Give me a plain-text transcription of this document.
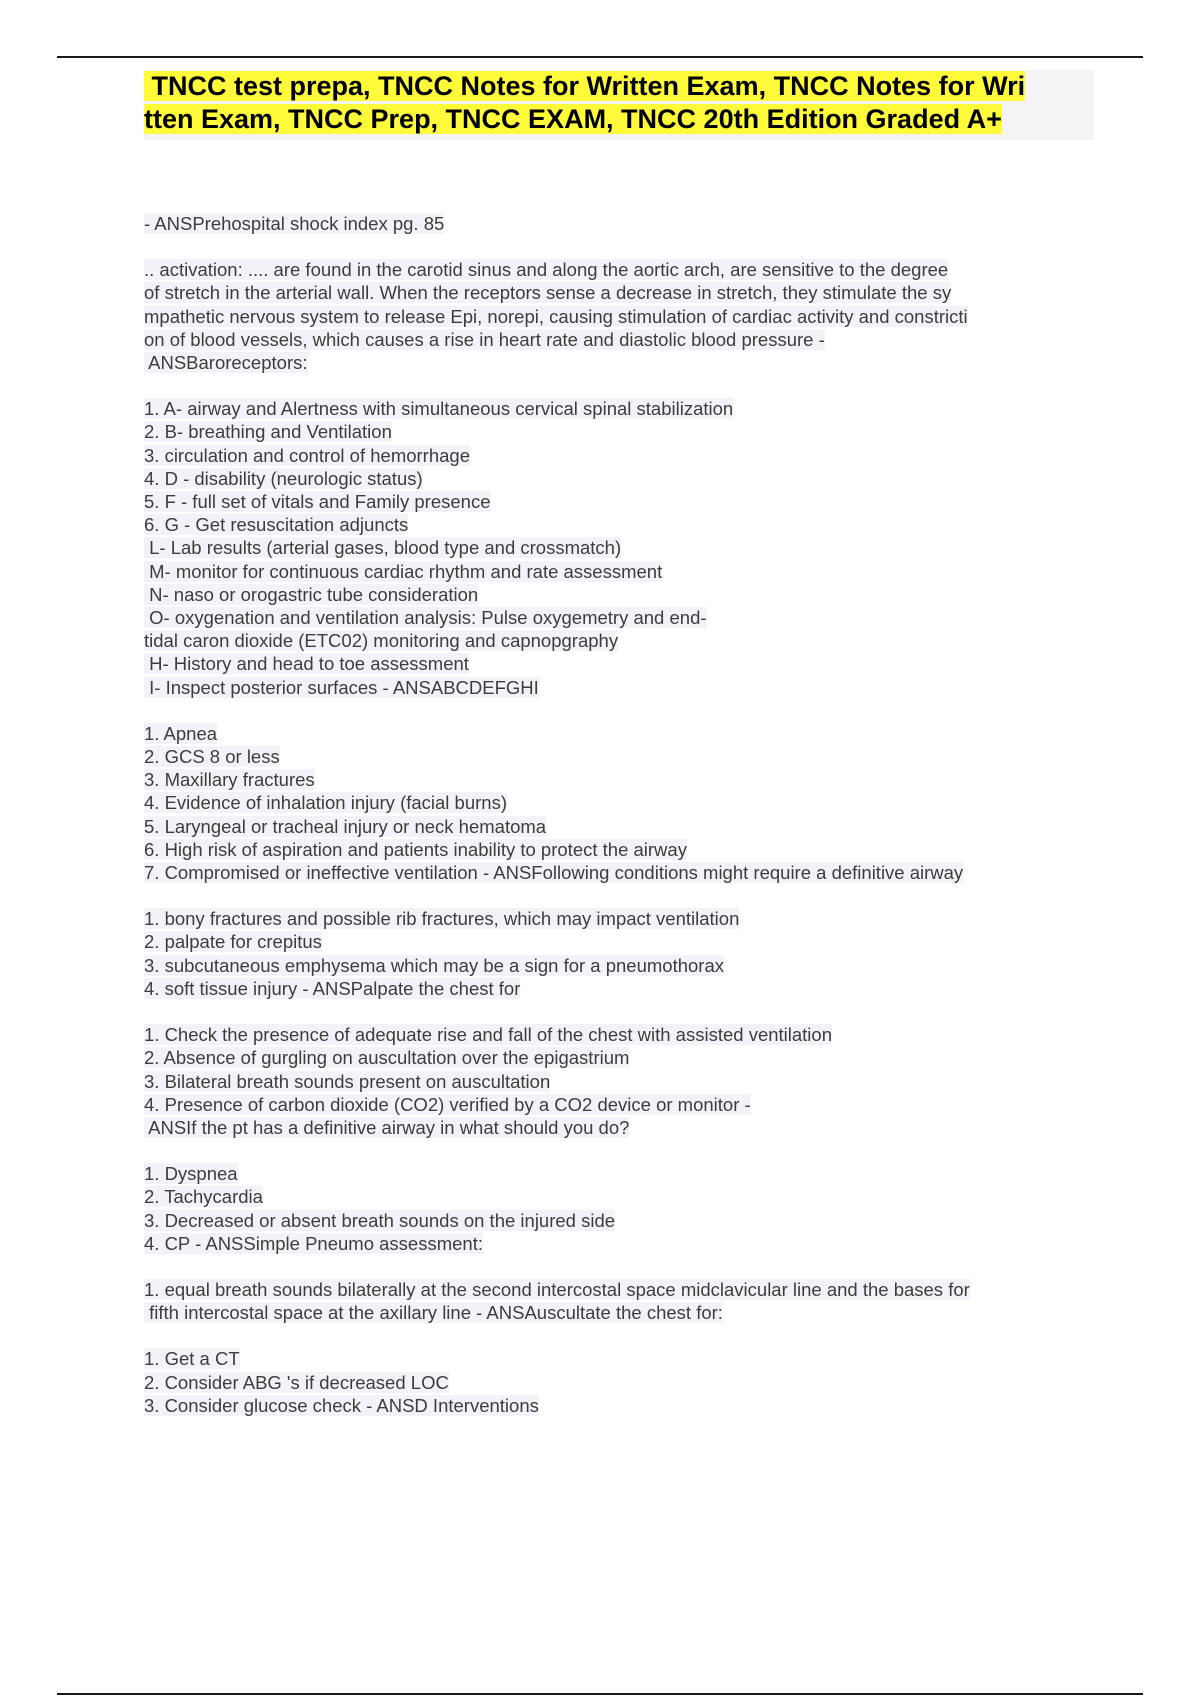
TNCC test prepa, TNCC Notes for Written Exam, TNCC Notes for Wri
tten Exam, TNCC Prep, TNCC EXAM, TNCC 20th Edition Graded A+
- ANSPrehospital shock index pg. 85
.. activation: .... are found in the carotid sinus and along the aortic arch, are sensitive to the degree
of stretch in the arterial wall. When the receptors sense a decrease in stretch, they stimulate the sy
mpathetic nervous system to release Epi, norepi, causing stimulation of cardiac activity and constricti
on of blood vessels, which causes a rise in heart rate and diastolic blood pressure -
ANSBaroreceptors:
1. A- airway and Alertness with simultaneous cervical spinal stabilization
2. B- breathing and Ventilation
3. circulation and control of hemorrhage
4. D - disability (neurologic status)
5. F - full set of vitals and Family presence
6. G - Get resuscitation adjuncts
L- Lab results (arterial gases, blood type and crossmatch)
M- monitor for continuous cardiac rhythm and rate assessment
N- naso or orogastric tube consideration
O- oxygenation and ventilation analysis: Pulse oxygemetry and end-
tidal caron dioxide (ETC02) monitoring and capnopgraphy
H- History and head to toe assessment
I- Inspect posterior surfaces - ANSABCDEFGHI
1. Apnea
2. GCS 8 or less
3. Maxillary fractures
4. Evidence of inhalation injury (facial burns)
5. Laryngeal or tracheal injury or neck hematoma
6. High risk of aspiration and patients inability to protect the airway
7. Compromised or ineffective ventilation - ANSFollowing conditions might require a definitive airway
1. bony fractures and possible rib fractures, which may impact ventilation
2. palpate for crepitus
3. subcutaneous emphysema which may be a sign for a pneumothorax
4. soft tissue injury - ANSPalpate the chest for
1. Check the presence of adequate rise and fall of the chest with assisted ventilation
2. Absence of gurgling on auscultation over the epigastrium
3. Bilateral breath sounds present on auscultation
4. Presence of carbon dioxide (CO2) verified by a CO2 device or monitor -
ANSIf the pt has a definitive airway in what should you do?
1. Dyspnea
2. Tachycardia
3. Decreased or absent breath sounds on the injured side
4. CP - ANSSimple Pneumo assessment:
1. equal breath sounds bilaterally at the second intercostal space midclavicular line and the bases for
fifth intercostal space at the axillary line - ANSAuscultate the chest for:
1. Get a CT
2. Consider ABG 's if decreased LOC
3. Consider glucose check - ANSD Interventions
